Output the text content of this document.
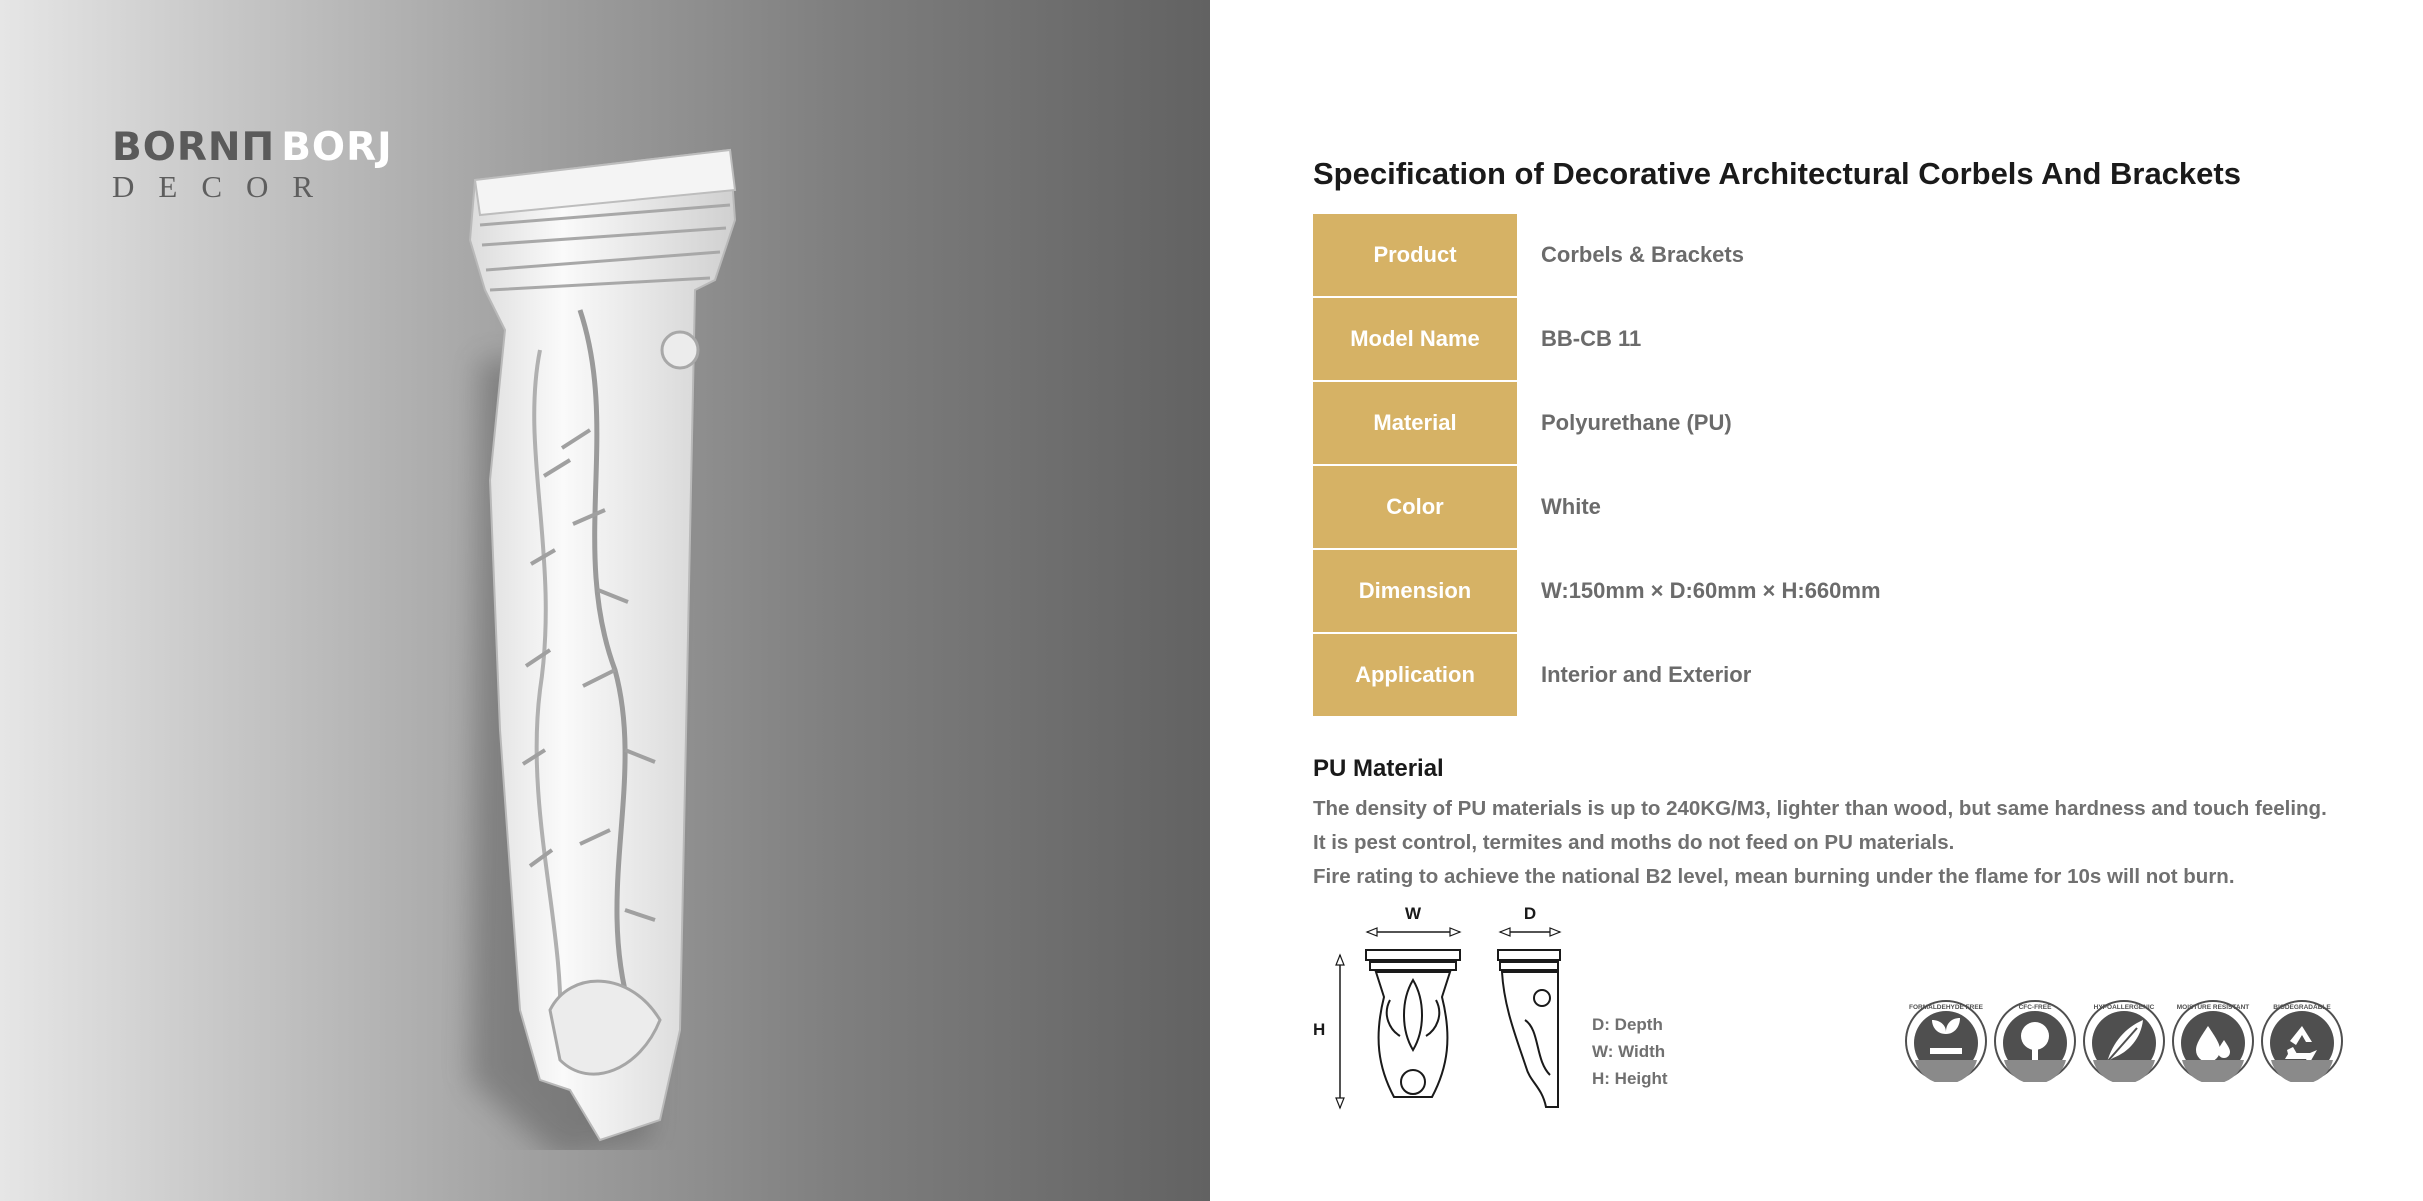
BORNΠ BORJ
DECOR	Specification of Decorative Architectural Corbels And Brackets
Product	Corbels & Brackets
Model Name	BB-CB 11
Material	Polyurethane (PU)
Color	White
Dimension	W:150mm × D:60mm × H:660mm
Application	Interior and Exterior
PU Material
The density of PU materials is up to 240KG/M3, lighter than wood, but same hardness and touch feeling.
It is pest control, termites and moths do not feed on PU materials.
Fire rating to achieve the national B2 level, mean burning under the flame for 10s will not burn.
W	D
H	D: Depth
W: Width
H: Height
FORMALDEHYDE FREE	CFC-FREE	HYPOALLERGENIC	MOISTURE RESISTANT	BIODEGRADABLE
